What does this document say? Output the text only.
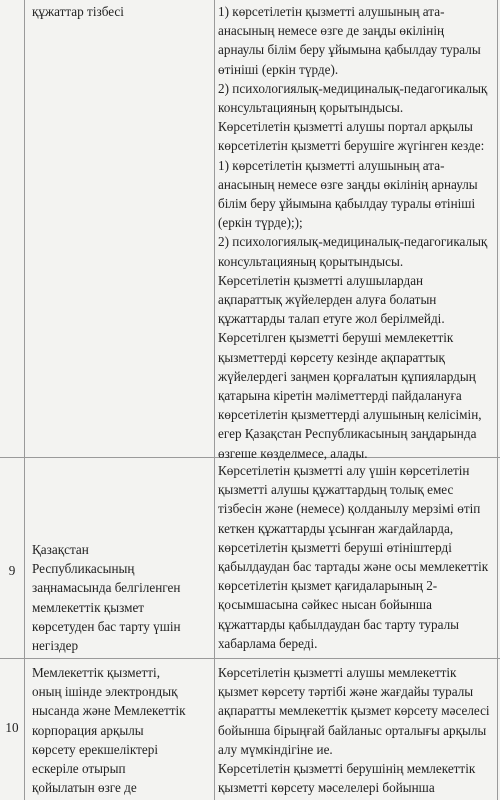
құжаттар тізбесі	1) көрсетілетін қызметті алушының ата-
анасының немесе өзге де заңды өкілінің
арнаулы білім беру ұйымына қабылдау туралы
өтініші (еркін түрде).
2) психологиялық-медициналық-педагогикалық
консультацияның қорытындысы.
Көрсетілетін қызметті алушы портал арқылы
көрсетілетін қызметті берушіге жүгінген кезде:
1) көрсетілетін қызметті алушының ата-
анасының немесе өзге заңды өкілінің арнаулы
білім беру ұйымына қабылдау туралы өтініші
(еркін түрде););
2) психологиялық-медициналық-педагогикалық
консультацияның қорытындысы.
Көрсетілетін қызметті алушылардан
ақпараттық жүйелерден алуға болатын
құжаттарды талап етуге жол берілмейді.
Көрсетілген қызметті беруші мемлекеттік
қызметтерді көрсету кезінде ақпараттық
жүйелердегі заңмен қорғалатын құпиялардың
қатарына кіретін мәліметтерді пайдалануға
көрсетілетін қызметтерді алушының келісімін,
егер Қазақстан Республикасының заңдарында
өзгеше көзделмесе, алады.
9
Қазақстан
Республикасының
заңнамасында белгіленген
мемлекеттік қызмет
көрсетуден бас тарту үшін
негіздер
Көрсетілетін қызметті алу үшін көрсетілетін
қызметті алушы құжаттардың толық емес
тізбесін және (немесе) қолданылу мерзімі өтіп
кеткен құжаттарды ұсынған жағдайларда,
көрсетілетін қызметті беруші өтініштерді
қабылдаудан бас тартады және осы мемлекеттік
көрсетілетін қызмет қағидаларының 2-
қосымшасына сәйкес нысан бойынша
құжаттарды қабылдаудан бас тарту туралы
хабарлама береді.
10
Мемлекеттік қызметті,
оның ішінде электрондық
нысанда және Мемлекеттік
корпорация арқылы
көрсету ерекшеліктері
ескеріле отырып
қойылатын өзге де
Көрсетілетін қызметті алушы мемлекеттік
қызмет көрсету тәртібі және жағдайы туралы
ақпаратты мемлекеттік қызмет көрсету мәселесі
бойынша бірыңғай байланыс орталығы арқылы
алу мүмкіндігіне ие.
Көрсетілетін қызметті берушінің мемлекеттік
қызметті көрсету мәселелері бойынша
